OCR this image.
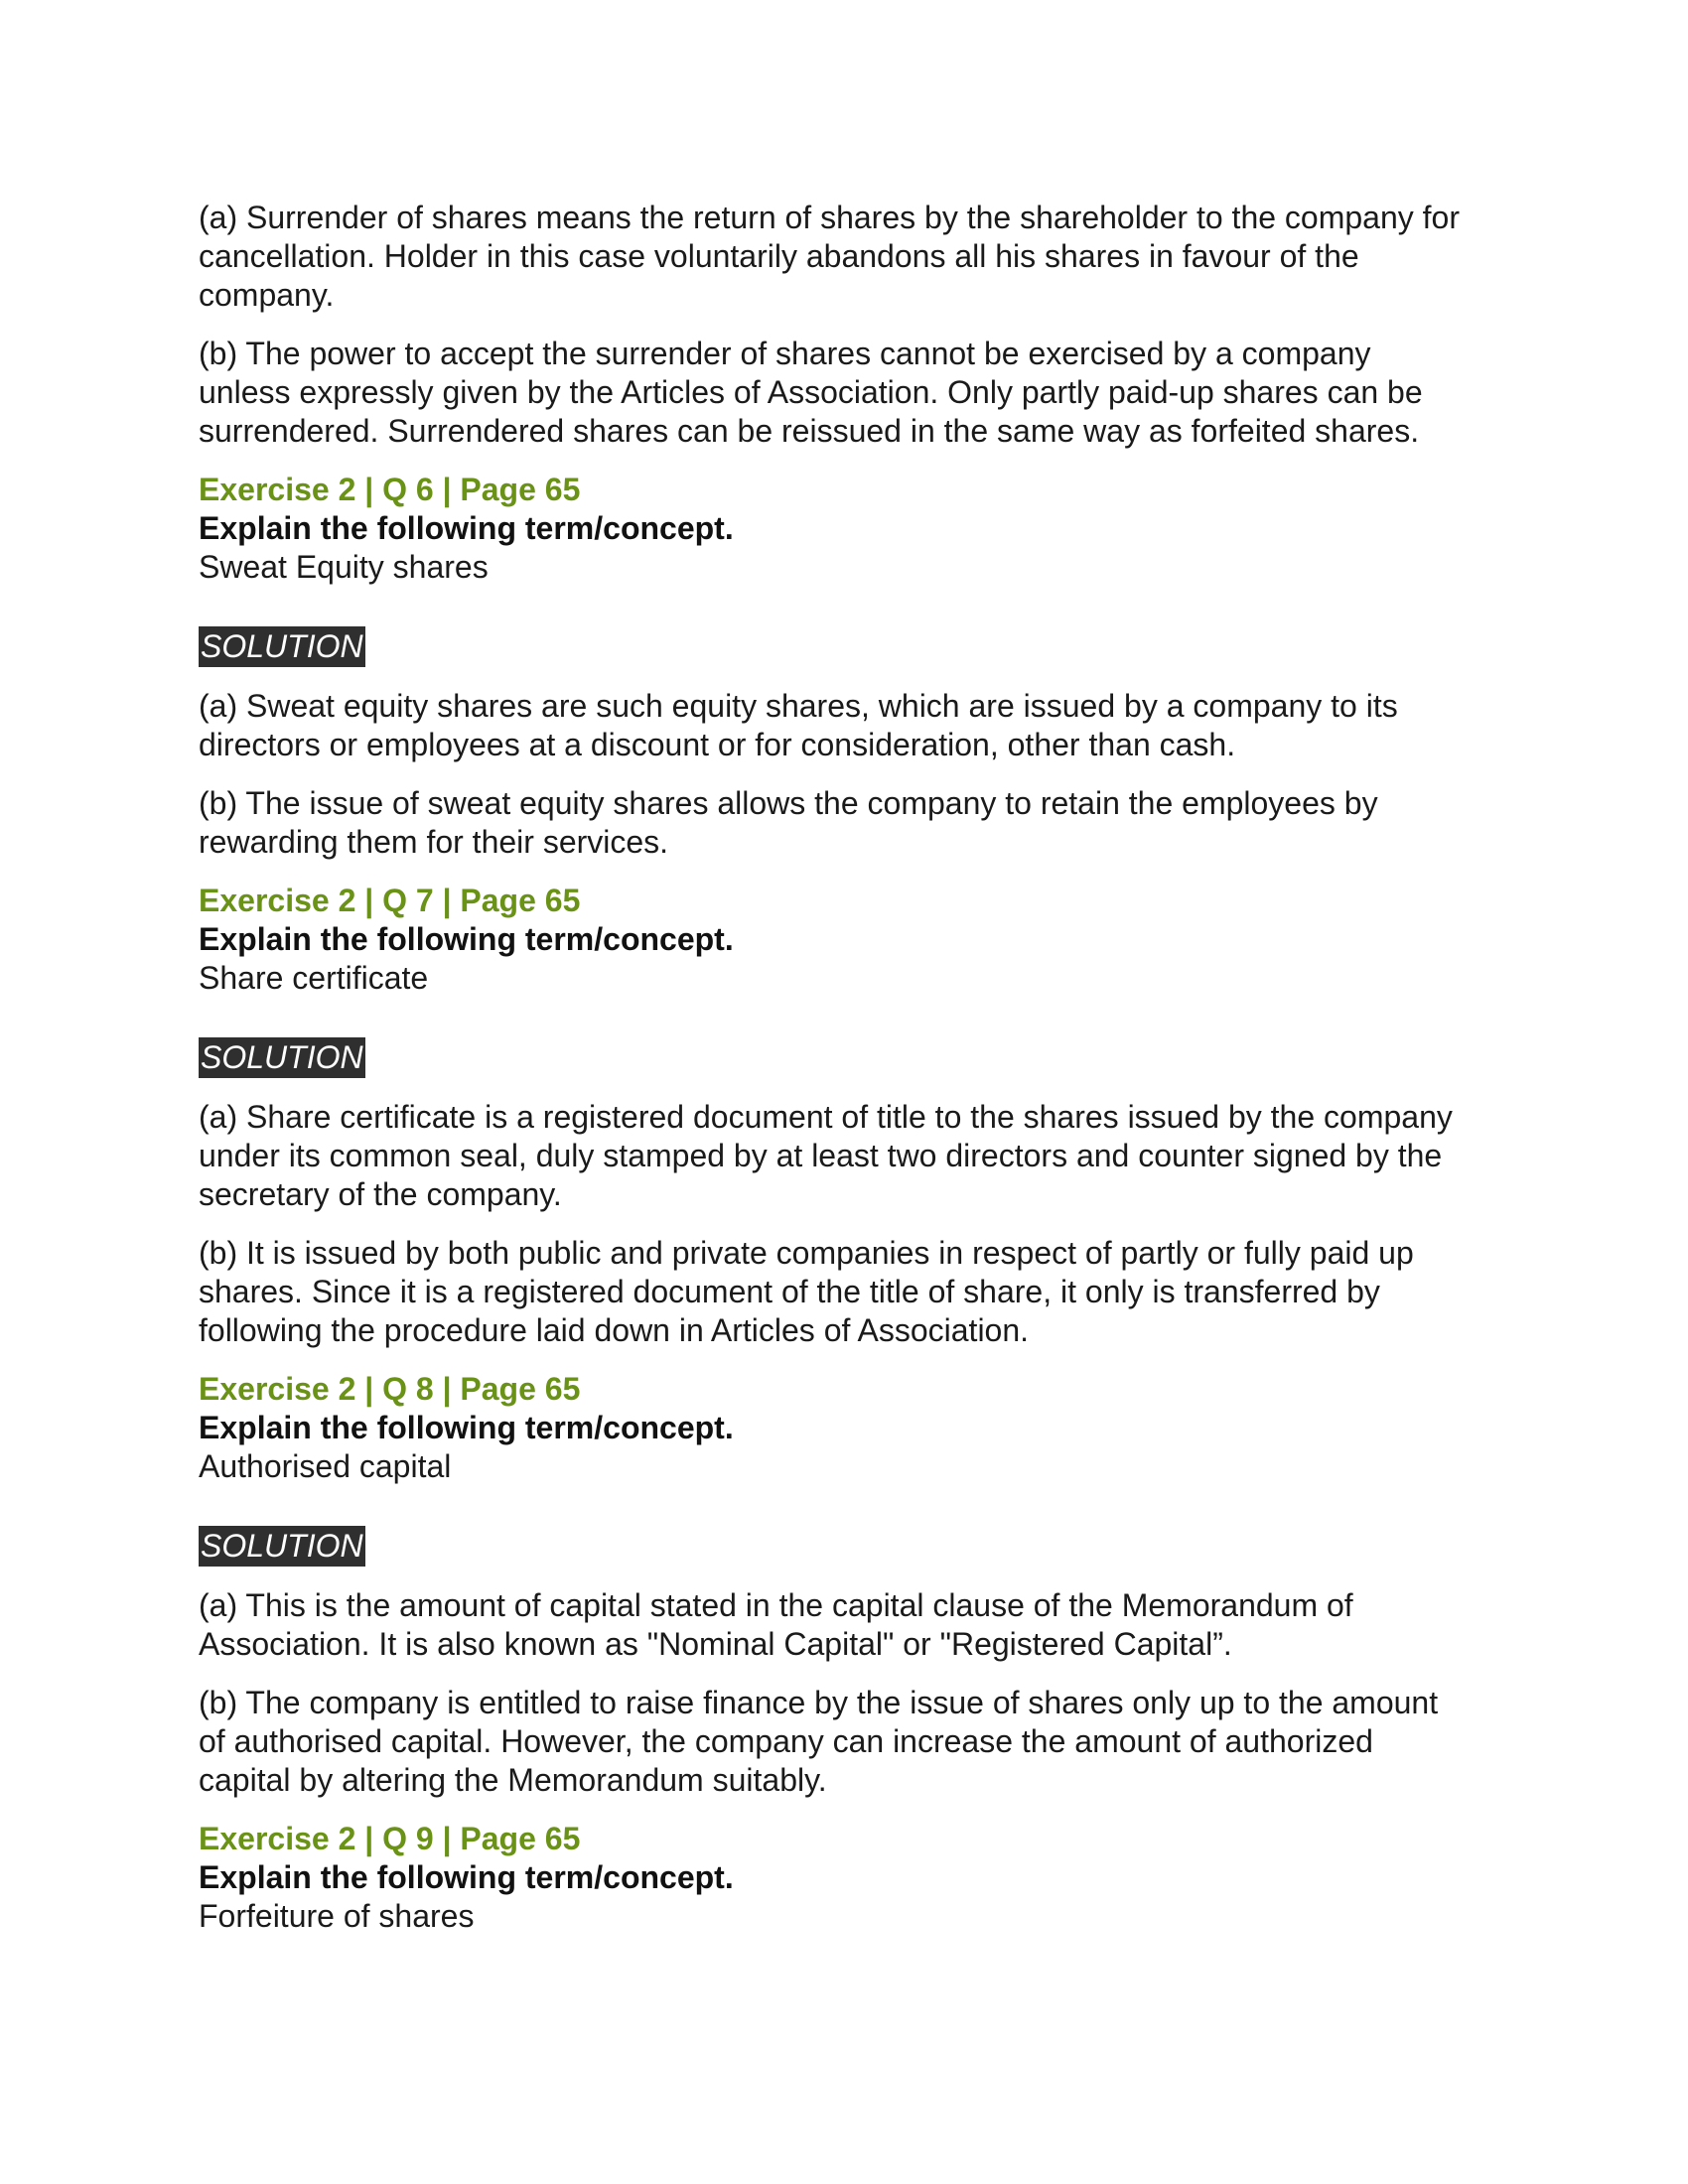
(a) Surrender of shares means the return of shares by the shareholder to the company for cancellation. Holder in this case voluntarily abandons all his shares in favour of the company.

(b) The power to accept the surrender of shares cannot be exercised by a company unless expressly given by the Articles of Association. Only partly paid-up shares can be surrendered. Surrendered shares can be reissued in the same way as forfeited shares.

Exercise 2 | Q 6 | Page 65

Explain the following term/concept.

Sweat Equity shares

SOLUTION

(a) Sweat equity shares are such equity shares, which are issued by a company to its directors or employees at a discount or for consideration, other than cash.

(b) The issue of sweat equity shares allows the company to retain the employees by rewarding them for their services.

Exercise 2 | Q 7 | Page 65

Explain the following term/concept.

Share certificate

SOLUTION

(a) Share certificate is a registered document of title to the shares issued by the company under its common seal, duly stamped by at least two directors and counter signed by the secretary of the company.

(b) It is issued by both public and private companies in respect of partly or fully paid up shares. Since it is a registered document of the title of share, it only is transferred by following the procedure laid down in Articles of Association.

Exercise 2 | Q 8 | Page 65

Explain the following term/concept.

Authorised capital

SOLUTION

(a) This is the amount of capital stated in the capital clause of the Memorandum of Association. It is also known as "Nominal Capital" or "Registered Capital”.

(b) The company is entitled to raise finance by the issue of shares only up to the amount of authorised capital. However, the company can increase the amount of authorized capital by altering the Memorandum suitably.

Exercise 2 | Q 9 | Page 65

Explain the following term/concept.

Forfeiture of shares
